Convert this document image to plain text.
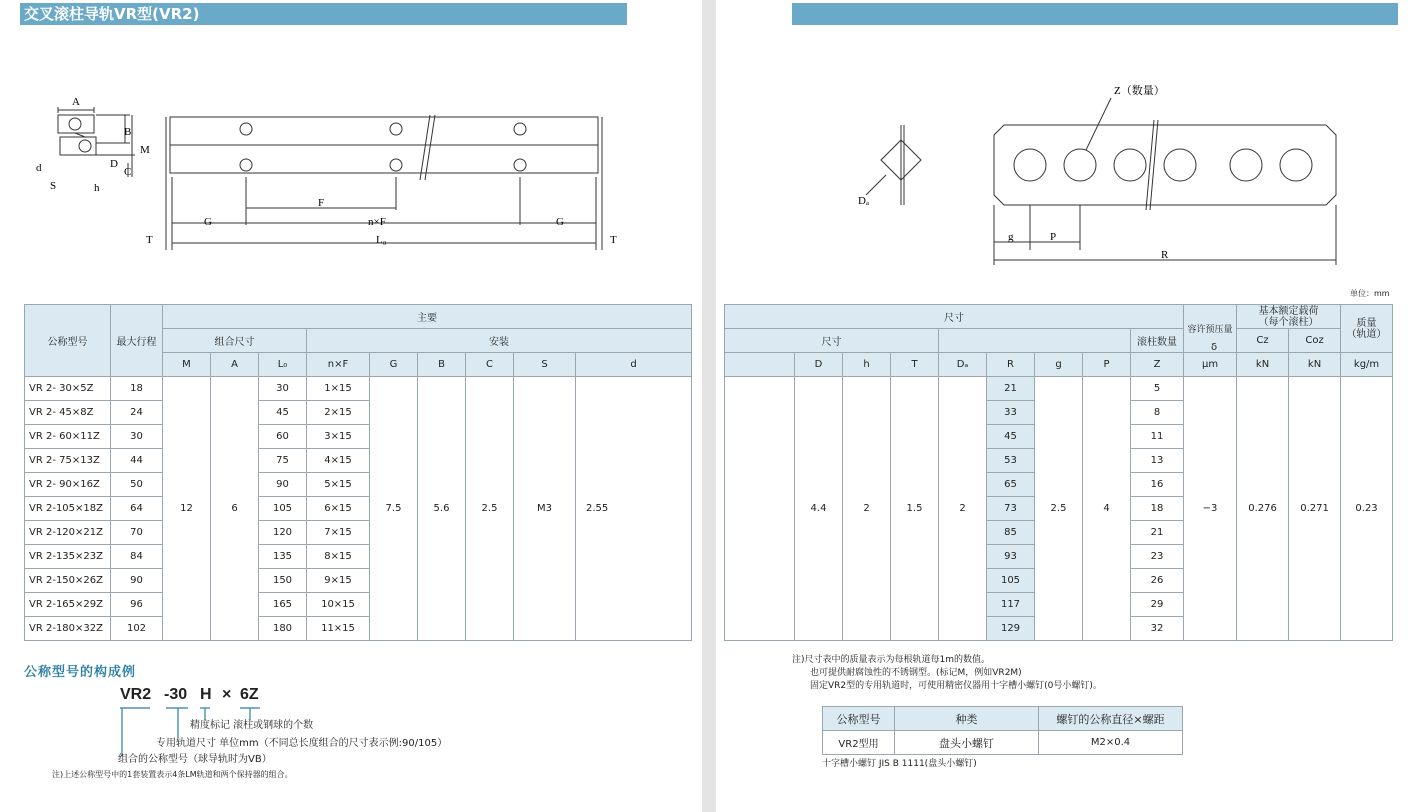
交叉滚柱导轨VR型(VR2)
A
B
M
C
D
d
S	h
G
F
n×F	G
T	T
L₀
公称型号	最大行程	主要								
		组合尺寸			安装					
		M	A	L₀	n×F	G	B	C	S	d
VR 2- 30×5Z	18	12	6	30	1×15	7.5	5.6	2.5	M3	2.55
VR 2- 45×8Z	24			45	2×15					
VR 2- 60×11Z	30			60	3×15					
VR 2- 75×13Z	44			75	4×15					
VR 2- 90×16Z	50			90	5×15					
VR 2-105×18Z	64			105	6×15					
VR 2-120×21Z	70			120	7×15					
VR 2-135×23Z	84			135	8×15					
VR 2-150×26Z	90			150	9×15					
VR 2-165×29Z	96			165	10×15					
VR 2-180×32Z	102			180	11×15					
公称型号的构成例
VR2 -30 H × 6Z
精度标记 滚柱或钢球的个数
专用轨道尺寸 单位mm（不同总长度组合的尺寸表示例:90/105）
组合的公称型号（球导轨时为VB）
注)上述公称型号中的1套装置表示4条LM轨道和两个保持器的组合。
Z（数量）
Dₐ
g	P
R
单位：mm
尺寸									容许预压量	基本额定载荷
（每个滚柱）		质量
（轨道）
尺寸								滚柱数量		Cz	Coz	
	D	h	T	Dₐ	R	g	P	Z	μm	kN	kN	kg/m
	4.4	2	1.5	2	21	2.5	4	5	−3	0.276	0.271	0.23
					33			8				
					45			11				
					53			13				
					65			16				
					73			18				
					85			21				
					93			23				
					105			26				
					117			29				
					129			32				
δ
注)尺寸表中的质量表示为每根轨道每1m的数值。
也可提供耐腐蚀性的不锈钢型。(标记M，例如VR2M)
固定VR2型的专用轨道时，可使用精密仪器用十字槽小螺钉(0号小螺钉)。
公称型号	种类	螺钉的公称直径×螺距
VR2型用	盘头小螺钉	M2×0.4
十字槽小螺钉 JIS B 1111(盘头小螺钉)
